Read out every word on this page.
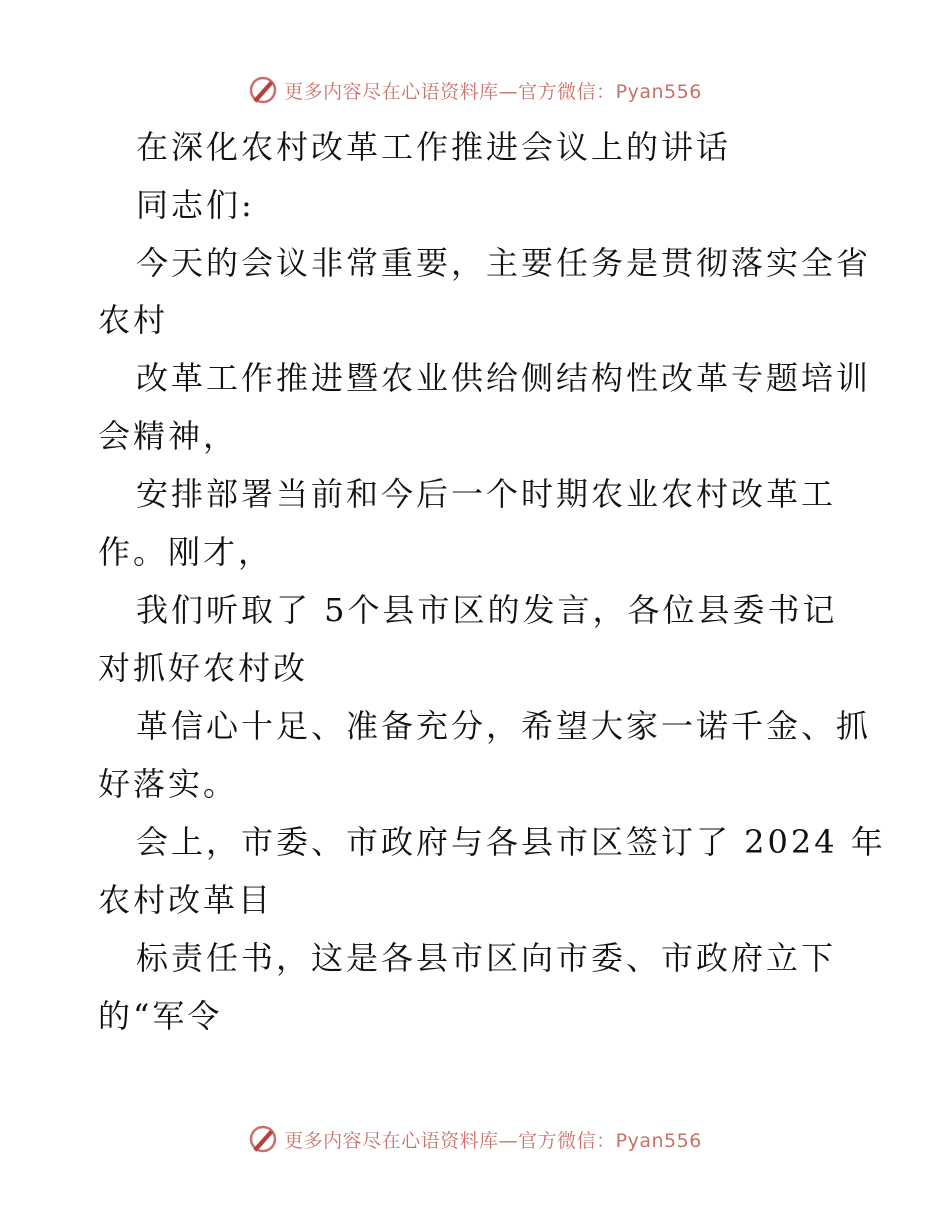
更多内容尽在心语资料库—官方微信：Pyan556
在深化农村改革工作推进会议上的讲话
同志们:
今天的会议非常重要，主要任务是贯彻落实全省
农村
改革工作推进暨农业供给侧结构性改革专题培训
会精神，
安排部署当前和今后一个时期农业农村改革工
作。刚才，
我们听取了 5个县市区的发言，各位县委书记
对抓好农村改
革信心十足、准备充分，希望大家一诺千金、抓
好落实。
会上，市委、市政府与各县市区签订了 2024 年
农村改革目
标责任书，这是各县市区向市委、市政府立下
的“军令
更多内容尽在心语资料库—官方微信：Pyan556
